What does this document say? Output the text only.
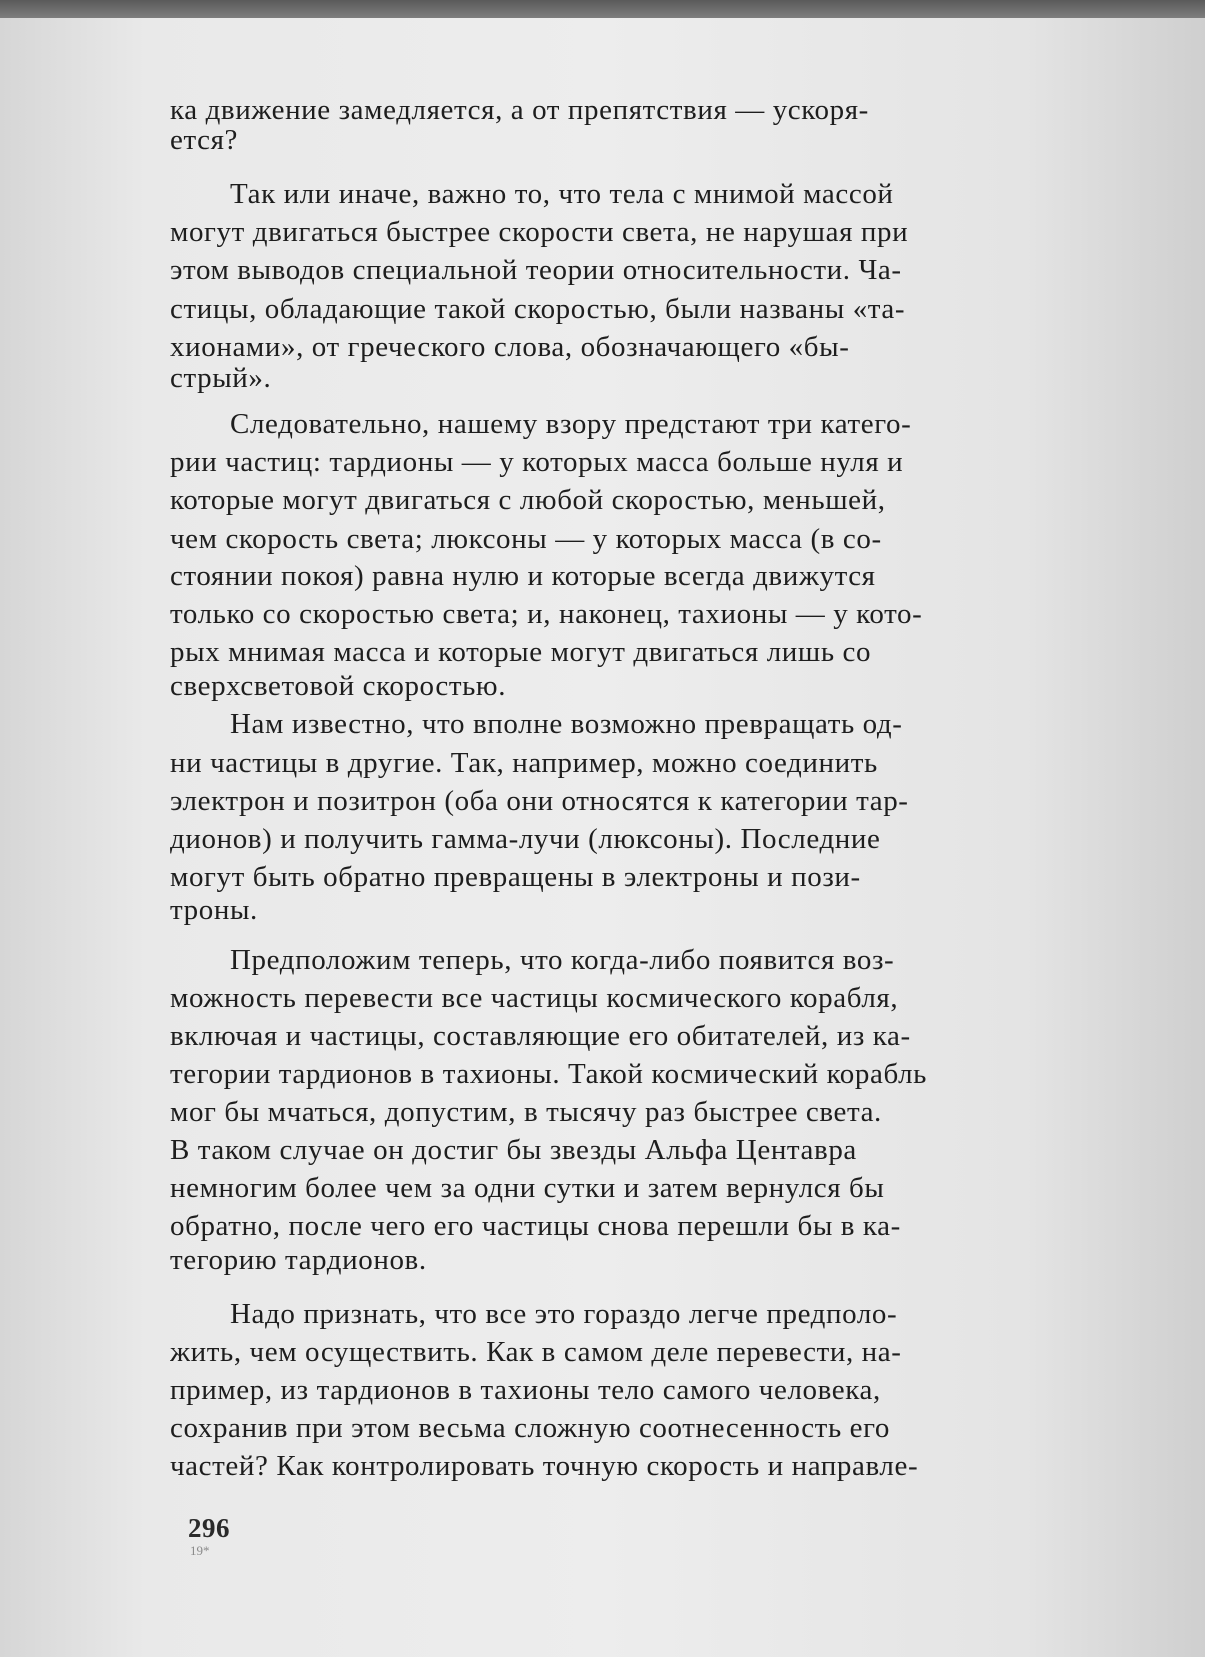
ка движение замедляется, а от препятствия — ускоря-
ется?
Так или иначе, важно то, что тела с мнимой массой
могут двигаться быстрее скорости света, не нарушая при
этом выводов специальной теории относительности. Ча-
стицы, обладающие такой скоростью, были названы «та-
хионами», от греческого слова, обозначающего «бы-
стрый».
Следовательно, нашему взору предстают три катего-
рии частиц: тардионы — у которых масса больше нуля и
которые могут двигаться с любой скоростью, меньшей,
чем скорость света; люксоны — у которых масса (в со-
стоянии покоя) равна нулю и которые всегда движутся
только со скоростью света; и, наконец, тахионы — у кото-
рых мнимая масса и которые могут двигаться лишь со
сверхсветовой скоростью.
Нам известно, что вполне возможно превращать од-
ни частицы в другие. Так, например, можно соединить
электрон и позитрон (оба они относятся к категории тар-
дионов) и получить гамма-лучи (люксоны). Последние
могут быть обратно превращены в электроны и пози-
троны.
Предположим теперь, что когда-либо появится воз-
можность перевести все частицы космического корабля,
включая и частицы, составляющие его обитателей, из ка-
тегории тардионов в тахионы. Такой космический корабль
мог бы мчаться, допустим, в тысячу раз быстрее света.
В таком случае он достиг бы звезды Альфа Центавра
немногим более чем за одни сутки и затем вернулся бы
обратно, после чего его частицы снова перешли бы в ка-
тегорию тардионов.
Надо признать, что все это гораздо легче предполо-
жить, чем осуществить. Как в самом деле перевести, на-
пример, из тардионов в тахионы тело самого человека,
сохранив при этом весьма сложную соотнесенность его
частей? Как контролировать точную скорость и направле-
296
19*
